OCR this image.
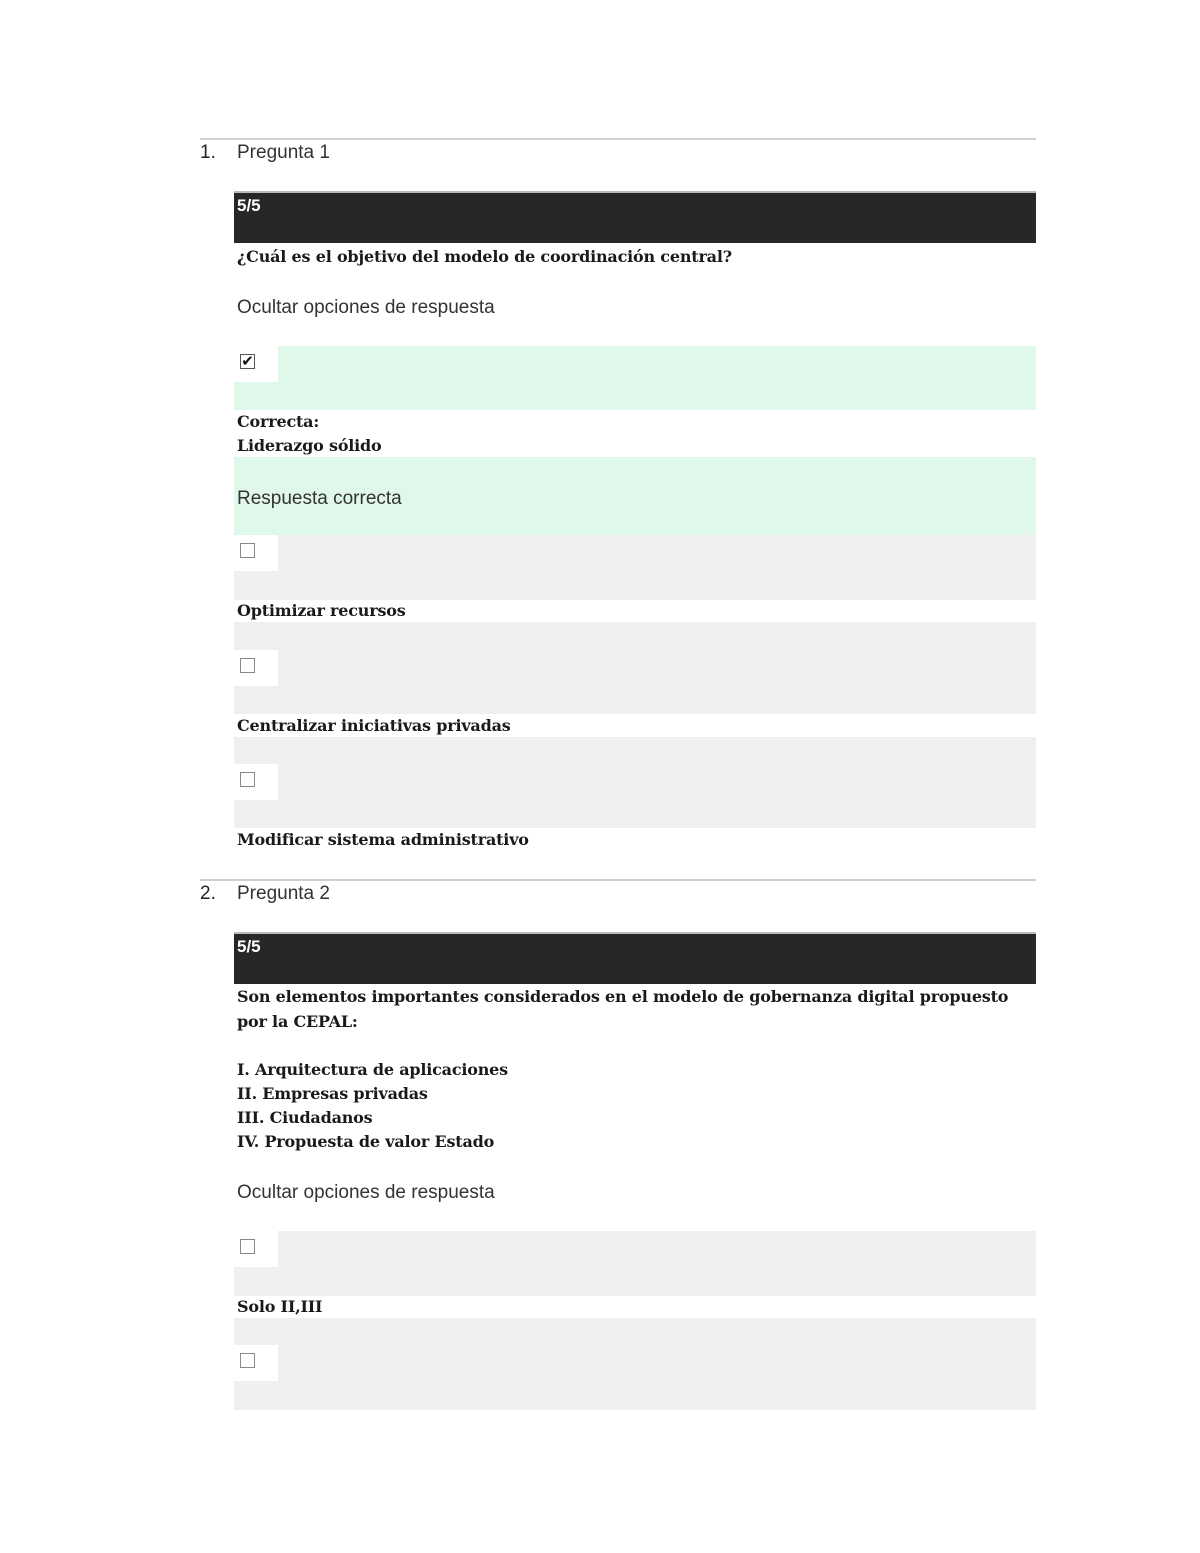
1. Pregunta 1
5/5
¿Cuál es el objetivo del modelo de coordinación central?
Ocultar opciones de respuesta
✔
Correcta:
Liderazgo sólido
Respuesta correcta
Optimizar recursos
Centralizar iniciativas privadas
Modificar sistema administrativo
2. Pregunta 2
5/5
Son elementos importantes considerados en el modelo de gobernanza digital propuesto
por la CEPAL:
I. Arquitectura de aplicaciones
II. Empresas privadas
III. Ciudadanos
IV. Propuesta de valor Estado
Ocultar opciones de respuesta
Solo II,III
